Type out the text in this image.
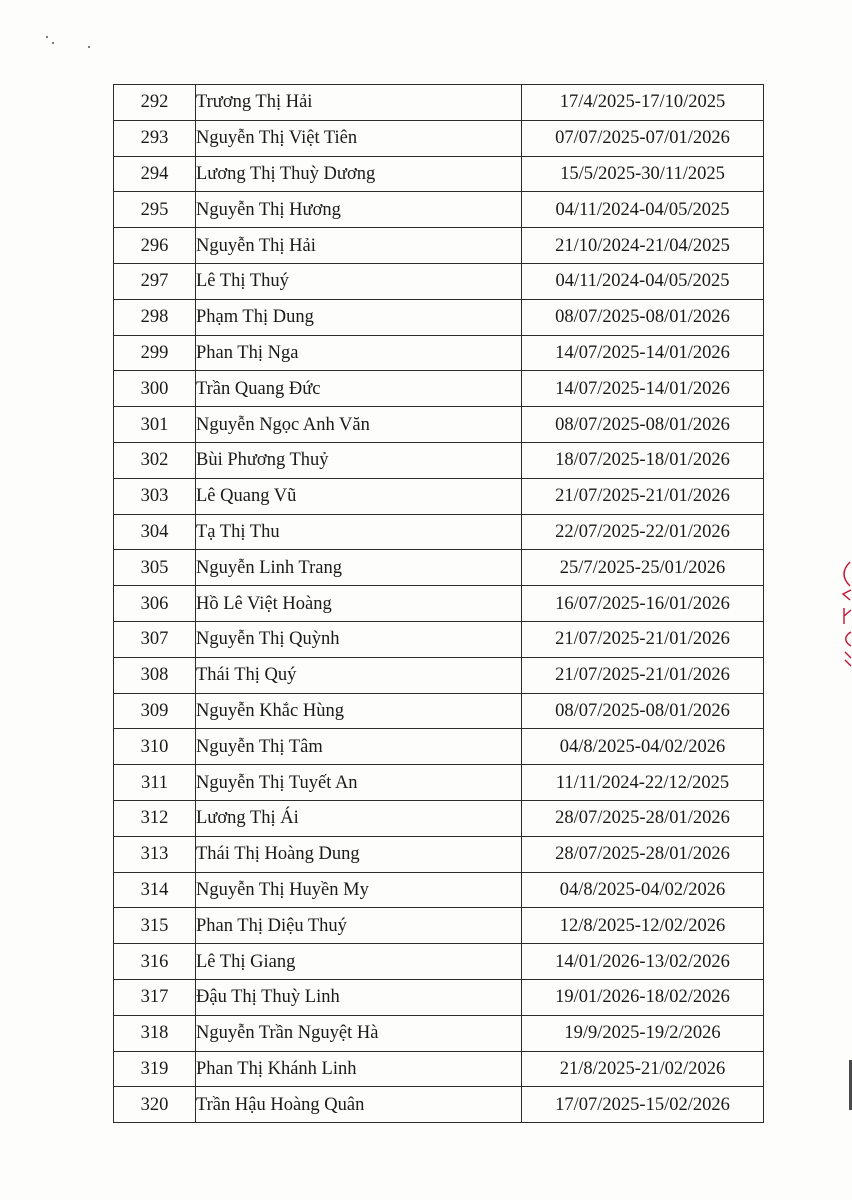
292	Trương Thị Hải	17/4/2025-17/10/2025
293	Nguyễn Thị Việt Tiên	07/07/2025-07/01/2026
294	Lương Thị Thuỳ Dương	15/5/2025-30/11/2025
295	Nguyễn Thị Hương	04/11/2024-04/05/2025
296	Nguyễn Thị Hải	21/10/2024-21/04/2025
297	Lê Thị Thuý	04/11/2024-04/05/2025
298	Phạm Thị Dung	08/07/2025-08/01/2026
299	Phan Thị Nga	14/07/2025-14/01/2026
300	Trần Quang Đức	14/07/2025-14/01/2026
301	Nguyễn Ngọc Anh Văn	08/07/2025-08/01/2026
302	Bùi Phương Thuỷ	18/07/2025-18/01/2026
303	Lê Quang Vũ	21/07/2025-21/01/2026
304	Tạ Thị Thu	22/07/2025-22/01/2026
305	Nguyễn Linh Trang	25/7/2025-25/01/2026
306	Hồ Lê Việt Hoàng	16/07/2025-16/01/2026
307	Nguyễn Thị Quỳnh	21/07/2025-21/01/2026
308	Thái Thị Quý	21/07/2025-21/01/2026
309	Nguyễn Khắc Hùng	08/07/2025-08/01/2026
310	Nguyễn Thị Tâm	04/8/2025-04/02/2026
311	Nguyễn Thị Tuyết An	11/11/2024-22/12/2025
312	Lương Thị Ái	28/07/2025-28/01/2026
313	Thái Thị Hoàng Dung	28/07/2025-28/01/2026
314	Nguyễn Thị Huyền My	04/8/2025-04/02/2026
315	Phan Thị Diệu Thuý	12/8/2025-12/02/2026
316	Lê Thị Giang	14/01/2026-13/02/2026
317	Đậu Thị Thuỳ Linh	19/01/2026-18/02/2026
318	Nguyễn Trần Nguyệt Hà	19/9/2025-19/2/2026
319	Phan Thị Khánh Linh	21/8/2025-21/02/2026
320	Trần Hậu Hoàng Quân	17/07/2025-15/02/2026
